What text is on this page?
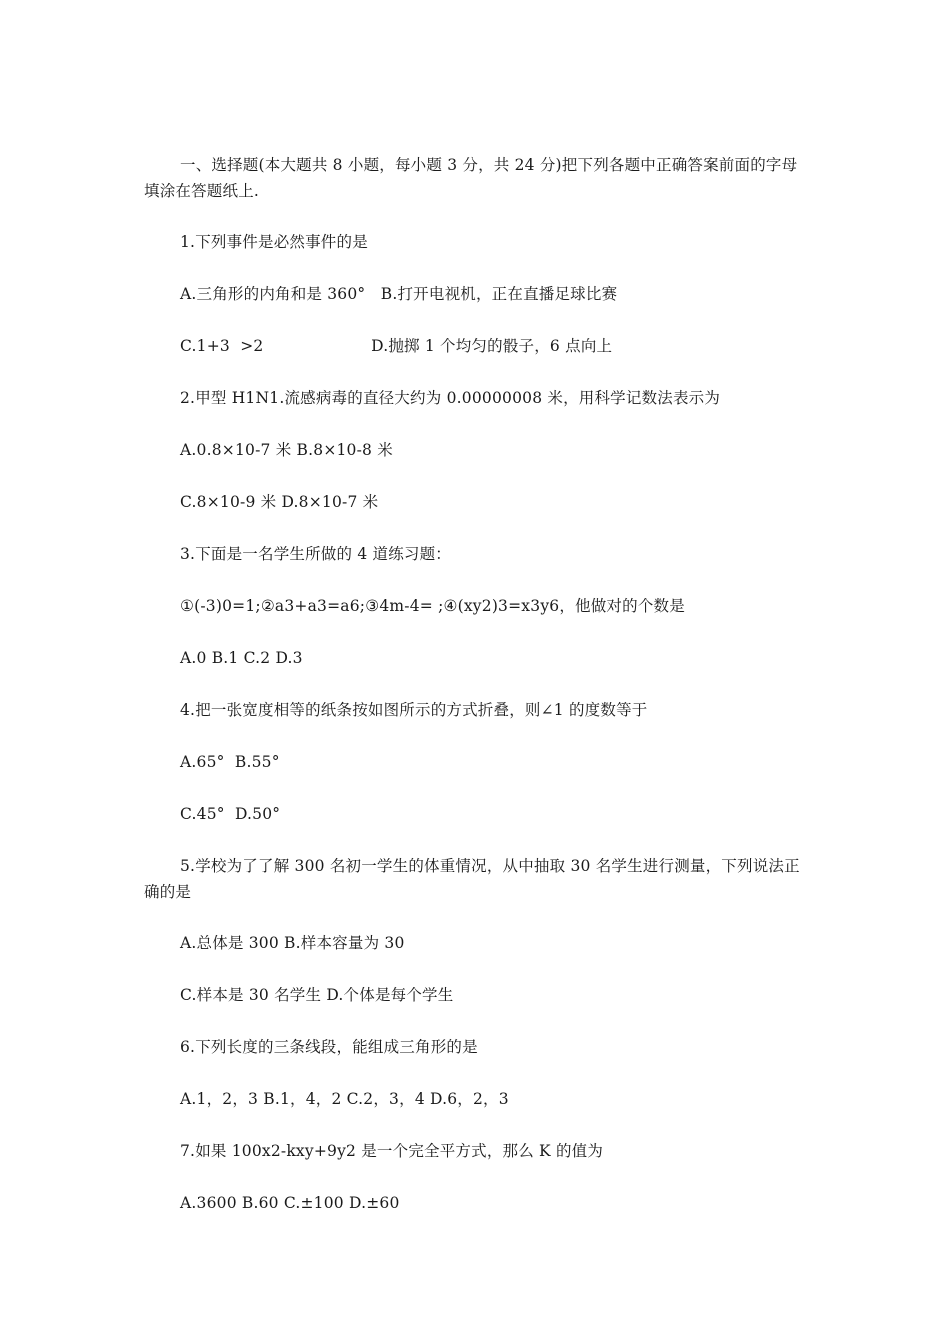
一、选择题(本大题共 8 小题，每小题 3 分，共 24 分)把下列各题中正确答案前面的字母填涂在答题纸上.
1.下列事件是必然事件的是
A.三角形的内角和是 360°   B.打开电视机，正在直播足球比赛
C.1+3  >2                     D.抛掷 1 个均匀的骰子，6 点向上
2.甲型 H1N1.流感病毒的直径大约为 0.00000008 米，用科学记数法表示为
A.0.8×10-7 米 B.8×10-8 米
C.8×10-9 米 D.8×10-7 米
3.下面是一名学生所做的 4 道练习题：
①(-3)0=1;②a3+a3=a6;③4m-4= ;④(xy2)3=x3y6，他做对的个数是
A.0 B.1 C.2 D.3
4.把一张宽度相等的纸条按如图所示的方式折叠，则∠1 的度数等于
A.65°  B.55°
C.45°  D.50°
5.学校为了了解 300 名初一学生的体重情况，从中抽取 30 名学生进行测量，下列说法正确的是
A.总体是 300 B.样本容量为 30
C.样本是 30 名学生 D.个体是每个学生
6.下列长度的三条线段，能组成三角形的是
A.1，2，3 B.1，4，2 C.2，3，4 D.6，2，3
7.如果 100x2-kxy+9y2 是一个完全平方式，那么 K 的值为
A.3600 B.60 C.±100 D.±60
